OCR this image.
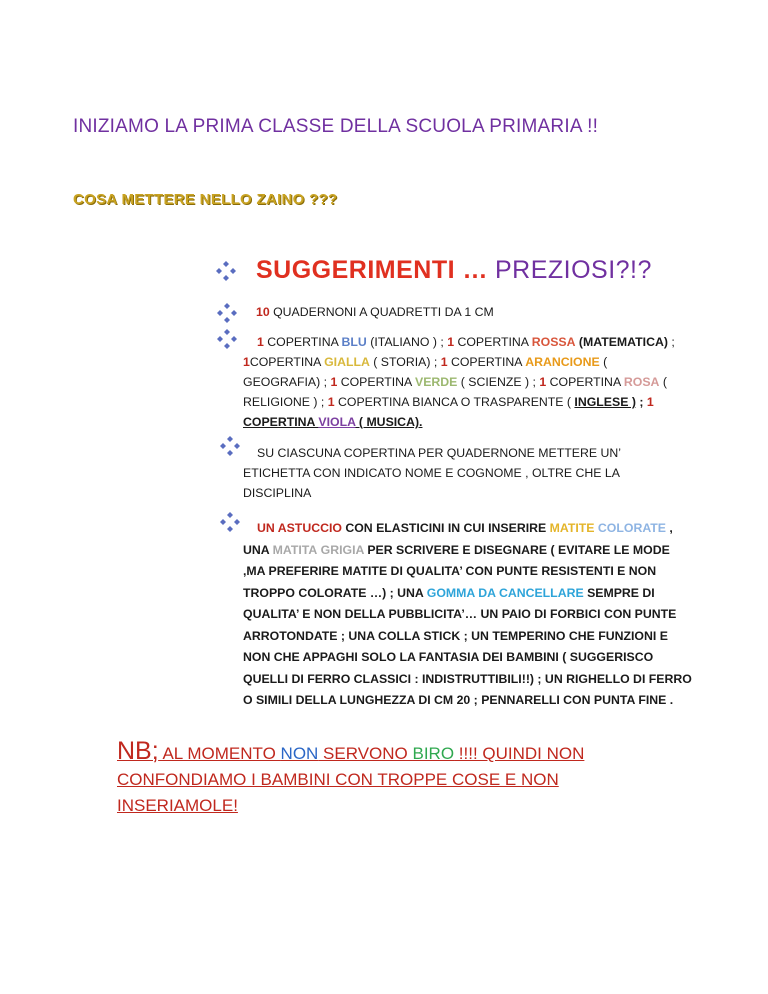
INIZIAMO LA PRIMA CLASSE DELLA SCUOLA PRIMARIA !!
COSA METTERE NELLO ZAINO ???
SUGGERIMENTI … PREZIOSI?!?
10 QUADERNONI A QUADRETTI DA 1 CM
1 COPERTINA BLU (ITALIANO ) ; 1 COPERTINA ROSSA (MATEMATICA) ; 1COPERTINA GIALLA ( STORIA) ; 1 COPERTINA ARANCIONE ( GEOGRAFIA) ; 1 COPERTINA VERDE ( SCIENZE ) ; 1 COPERTINA ROSA ( RELIGIONE ) ; 1 COPERTINA BIANCA O TRASPARENTE ( INGLESE ) ; 1 COPERTINA VIOLA ( MUSICA).
SU CIASCUNA COPERTINA PER QUADERNONE METTERE UN’ ETICHETTA CON INDICATO NOME E COGNOME , OLTRE CHE LA DISCIPLINA
UN ASTUCCIO CON ELASTICINI IN CUI INSERIRE MATITE COLORATE , UNA MATITA GRIGIA PER SCRIVERE E DISEGNARE ( EVITARE LE MODE ,MA PREFERIRE MATITE DI QUALITA’ CON PUNTE RESISTENTI E NON TROPPO COLORATE …) ; UNA GOMMA DA CANCELLARE SEMPRE DI QUALITA’ E NON DELLA PUBBLICITA’… UN PAIO DI FORBICI CON PUNTE ARROTONDATE ; UNA COLLA STICK ; UN TEMPERINO CHE FUNZIONI E NON CHE APPAGHI SOLO LA FANTASIA DEI BAMBINI ( SUGGERISCO QUELLI DI FERRO CLASSICI : INDISTRUTTIBILI!!) ; UN RIGHELLO DI FERRO O SIMILI DELLA LUNGHEZZA DI CM 20 ; PENNARELLI CON PUNTA FINE .
NB; AL MOMENTO NON SERVONO BIRO !!!! QUINDI NON CONFONDIAMO I BAMBINI CON TROPPE COSE E NON INSERIAMOLE!
